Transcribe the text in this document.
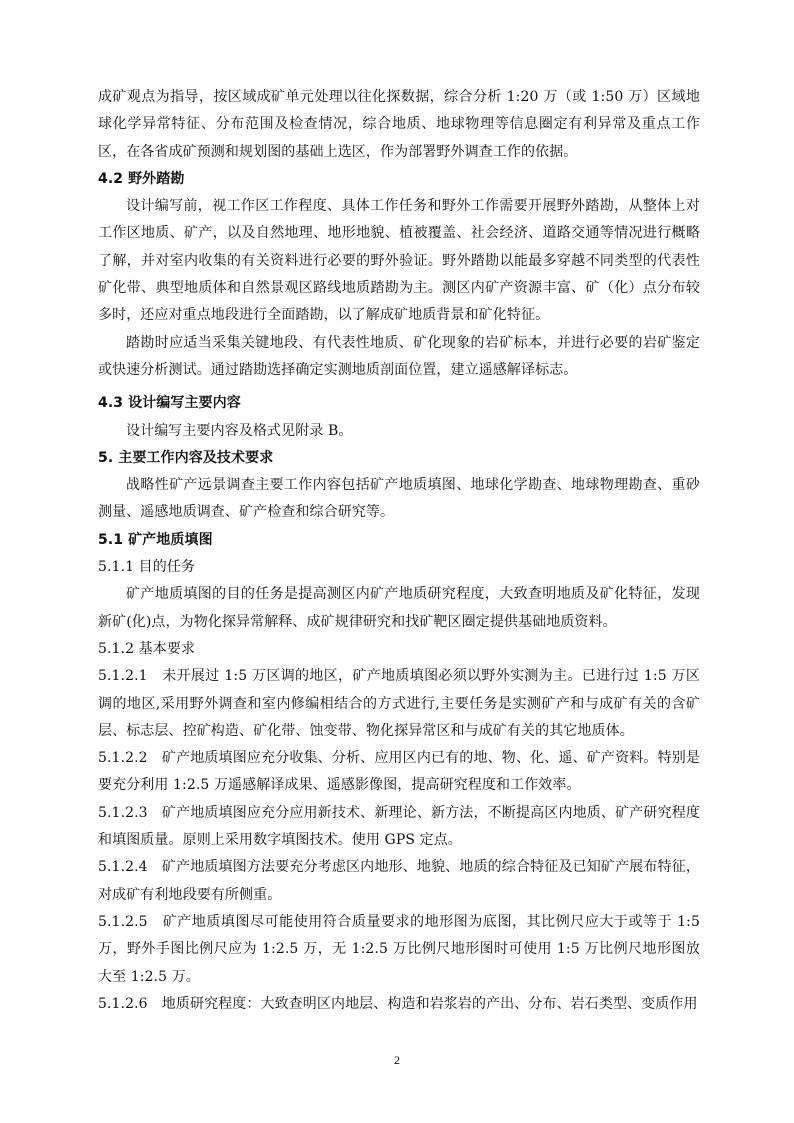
成矿观点为指导，按区域成矿单元处理以往化探数据，综合分析 1:20 万（或 1:50 万）区域地球化学异常特征、分布范围及检查情况，综合地质、地球物理等信息圈定有利异常及重点工作区，在各省成矿预测和规划图的基础上选区，作为部署野外调查工作的依据。

4.2 野外踏勘

设计编写前，视工作区工作程度、具体工作任务和野外工作需要开展野外踏勘，从整体上对工作区地质、矿产，以及自然地理、地形地貌、植被覆盖、社会经济、道路交通等情况进行概略了解，并对室内收集的有关资料进行必要的野外验证。野外踏勘以能最多穿越不同类型的代表性矿化带、典型地质体和自然景观区路线地质踏勘为主。测区内矿产资源丰富、矿（化）点分布较多时，还应对重点地段进行全面踏勘，以了解成矿地质背景和矿化特征。

踏勘时应适当采集关键地段、有代表性地质、矿化现象的岩矿标本，并进行必要的岩矿鉴定或快速分析测试。通过踏勘选择确定实测地质剖面位置，建立遥感解译标志。

4.3 设计编写主要内容

设计编写主要内容及格式见附录 B。

5. 主要工作内容及技术要求

战略性矿产远景调查主要工作内容包括矿产地质填图、地球化学勘查、地球物理勘查、重砂测量、遥感地质调查、矿产检查和综合研究等。

5.1 矿产地质填图

5.1.1 目的任务

矿产地质填图的目的任务是提高测区内矿产地质研究程度，大致查明地质及矿化特征，发现新矿(化)点，为物化探异常解释、成矿规律研究和找矿靶区圈定提供基础地质资料。

5.1.2 基本要求

5.1.2.1　未开展过 1:5 万区调的地区，矿产地质填图必须以野外实测为主。已进行过 1:5 万区调的地区,采用野外调查和室内修编相结合的方式进行,主要任务是实测矿产和与成矿有关的含矿层、标志层、控矿构造、矿化带、蚀变带、物化探异常区和与成矿有关的其它地质体。

5.1.2.2　矿产地质填图应充分收集、分析、应用区内已有的地、物、化、遥、矿产资料。特别是要充分利用 1:2.5 万遥感解译成果、遥感影像图，提高研究程度和工作效率。

5.1.2.3　矿产地质填图应充分应用新技术、新理论、新方法，不断提高区内地质、矿产研究程度和填图质量。原则上采用数字填图技术。使用 GPS 定点。

5.1.2.4　矿产地质填图方法要充分考虑区内地形、地貌、地质的综合特征及已知矿产展布特征，对成矿有利地段要有所侧重。

5.1.2.5　矿产地质填图尽可能使用符合质量要求的地形图为底图，其比例尺应大于或等于 1:5 万，野外手图比例尺应为 1:2.5 万，无 1:2.5 万比例尺地形图时可使用 1:5 万比例尺地形图放大至 1:2.5 万。

5.1.2.6　地质研究程度：大致查明区内地层、构造和岩浆岩的产出、分布、岩石类型、变质作用

2
